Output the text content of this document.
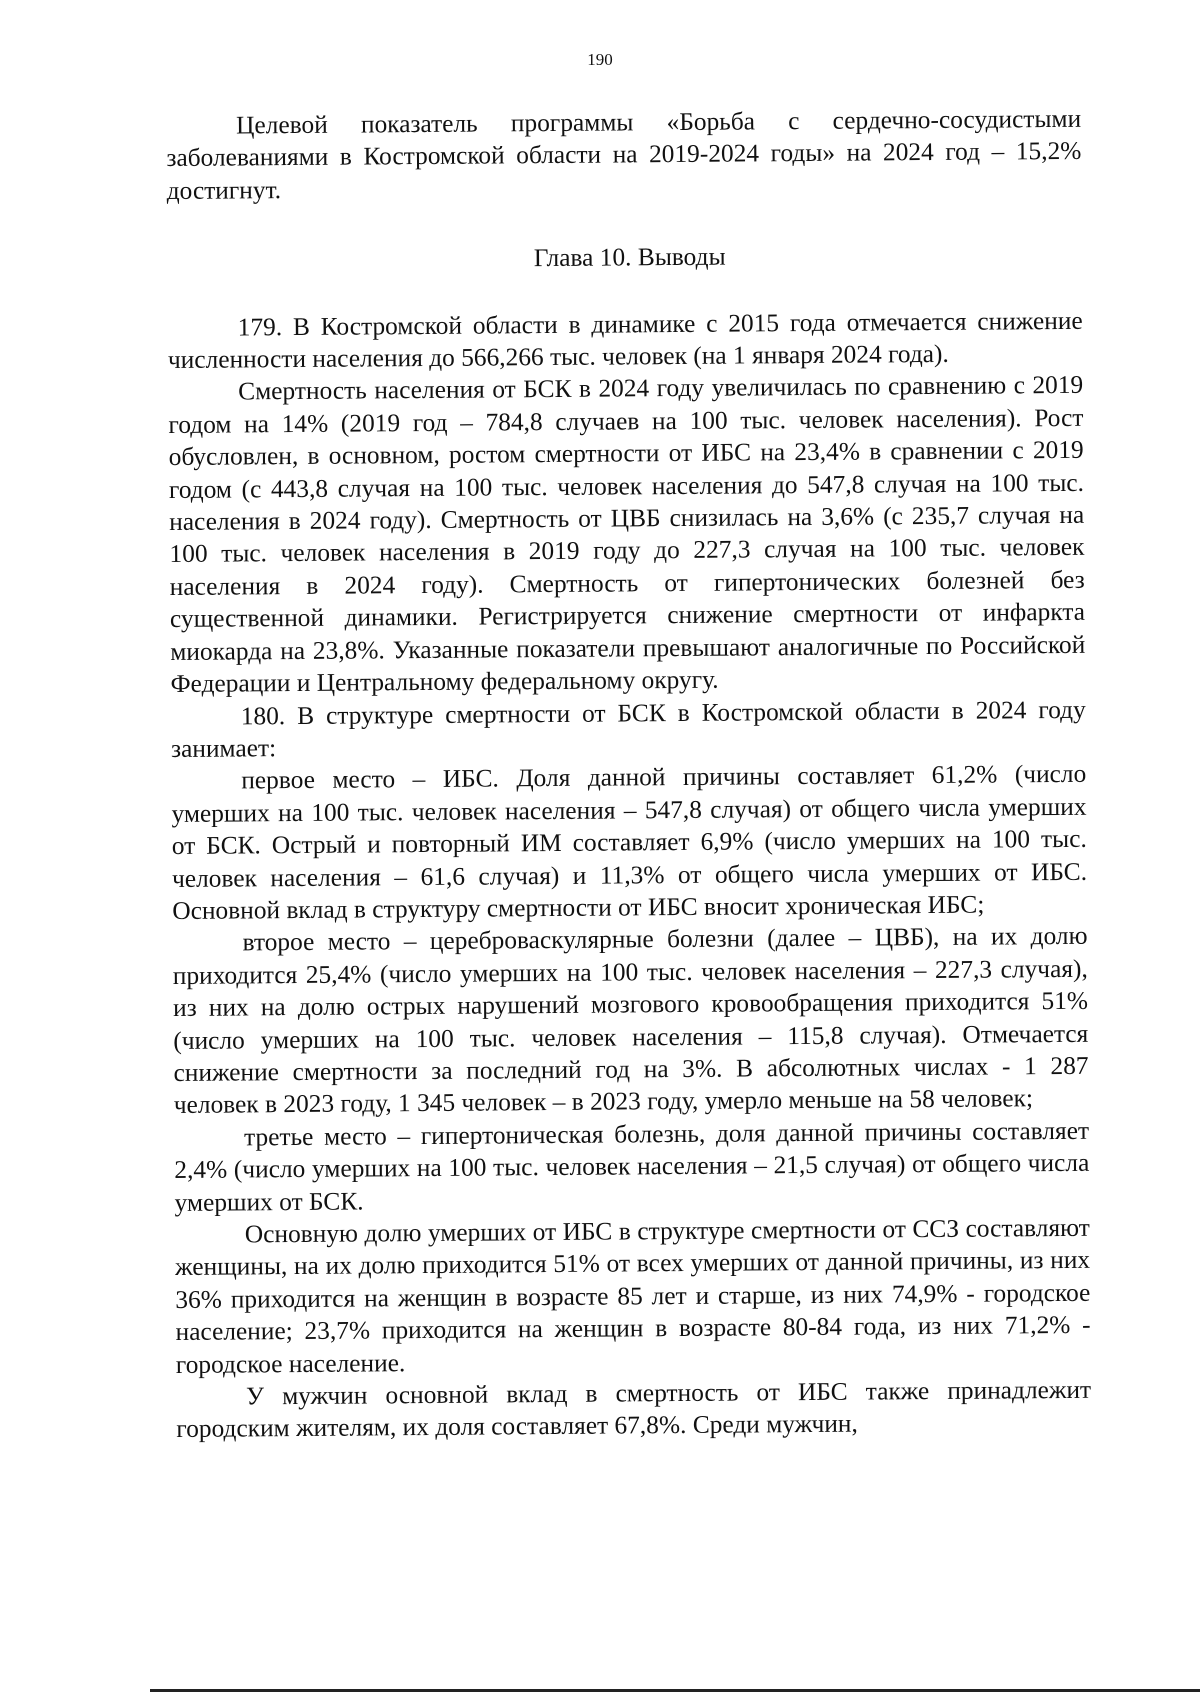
190

Целевой показатель программы «Борьба с сердечно-сосудистыми заболеваниями в Костромской области на 2019-2024 годы» на 2024 год – 15,2% достигнут.

Глава 10. Выводы

179. В Костромской области в динамике с 2015 года отмечается снижение численности населения до 566,266 тыс. человек (на 1 января 2024 года).

Смертность населения от БСК в 2024 году увеличилась по сравнению с 2019 годом на 14% (2019 год – 784,8 случаев на 100 тыс. человек населения). Рост обусловлен, в основном, ростом смертности от ИБС на 23,4% в сравнении с 2019 годом (с 443,8 случая на 100 тыс. человек населения до 547,8 случая на 100 тыс. населения в 2024 году). Смертность от ЦВБ снизилась на 3,6% (с 235,7 случая на 100 тыс. человек населения в 2019 году до 227,3 случая на 100 тыс. человек населения в 2024 году). Смертность от гипертонических болезней без существенной динамики. Регистрируется снижение смертности от инфаркта миокарда на 23,8%. Указанные показатели превышают аналогичные по Российской Федерации и Центральному федеральному округу.

180. В структуре смертности от БСК в Костромской области в 2024 году занимает:

первое место – ИБС. Доля данной причины составляет 61,2% (число умерших на 100 тыс. человек населения – 547,8 случая) от общего числа умерших от БСК. Острый и повторный ИМ составляет 6,9% (число умерших на 100 тыс. человек населения – 61,6 случая) и 11,3% от общего числа умерших от ИБС. Основной вклад в структуру смертности от ИБС вносит хроническая ИБС;

второе место – цереброваскулярные болезни (далее – ЦВБ), на их долю приходится 25,4% (число умерших на 100 тыс. человек населения – 227,3 случая), из них на долю острых нарушений мозгового кровообращения приходится 51% (число умерших на 100 тыс. человек населения – 115,8 случая). Отмечается снижение смертности за последний год на 3%. В абсолютных числах - 1 287 человек в 2023 году, 1 345 человек – в 2023 году, умерло меньше на 58 человек;

третье место – гипертоническая болезнь, доля данной причины составляет 2,4% (число умерших на 100 тыс. человек населения – 21,5 случая) от общего числа умерших от БСК.

Основную долю умерших от ИБС в структуре смертности от ССЗ составляют женщины, на их долю приходится 51% от всех умерших от данной причины, из них 36% приходится на женщин в возрасте 85 лет и старше, из них 74,9% - городское население; 23,7% приходится на женщин в возрасте 80-84 года, из них 71,2% - городское население.

У мужчин основной вклад в смертность от ИБС также принадлежит городским жителям, их доля составляет 67,8%. Среди мужчин,
